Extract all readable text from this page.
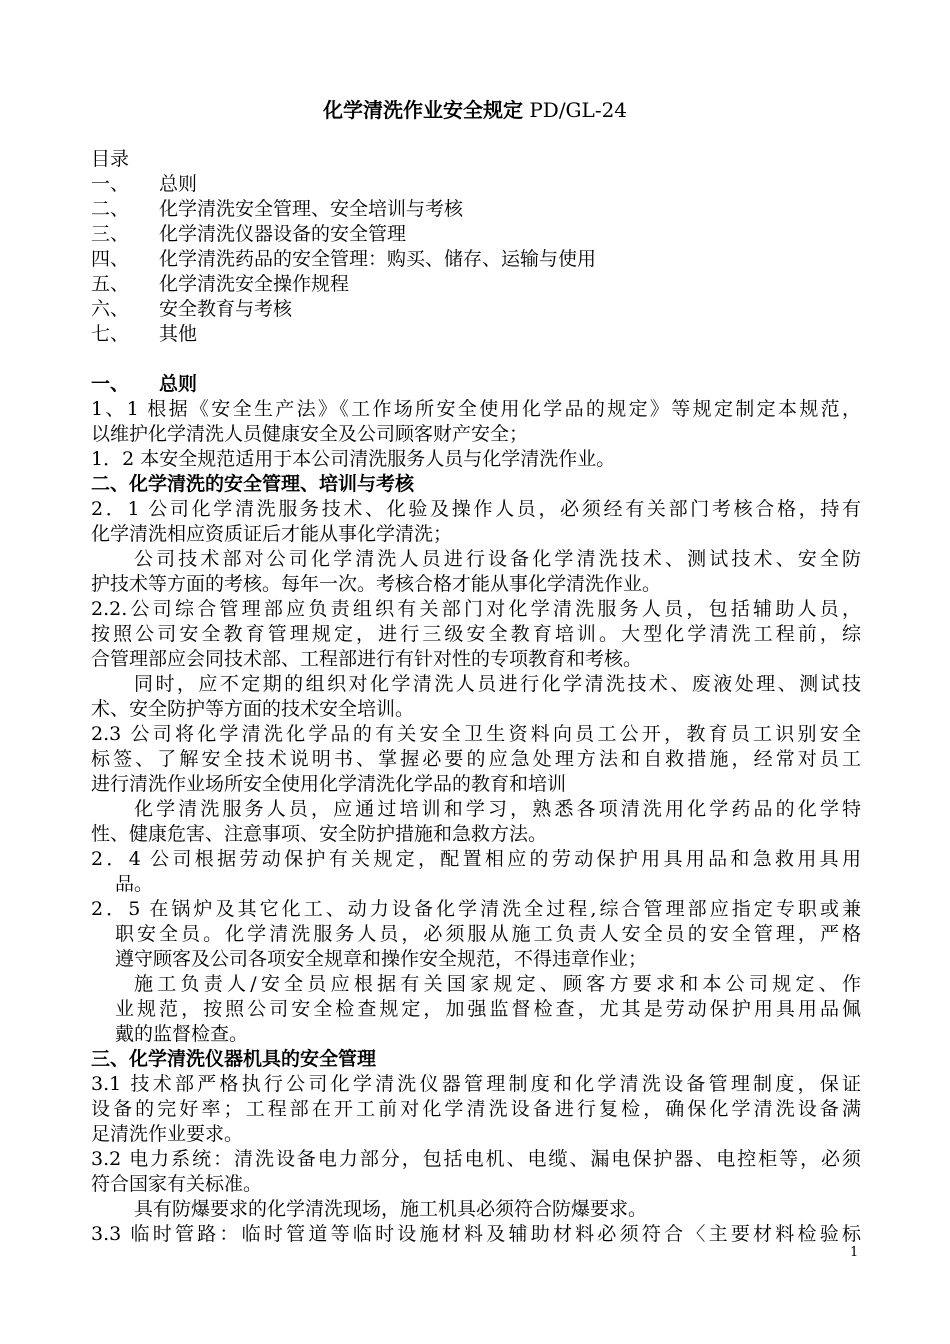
化学清洗作业安全规定 PD/GL-24
目录
一、	总则
二、	化学清洗安全管理、安全培训与考核
三、	化学清洗仪器设备的安全管理
四、	化学清洗药品的安全管理：购买、储存、运输与使用
五、	化学清洗安全操作规程
六、	安全教育与考核
七、	其他
一、	总则
1、1 根据《安全生产法》《工作场所安全使用化学品的规定》等规定制定本规范，
以维护化学清洗人员健康安全及公司顾客财产安全；
1．2 本安全规范适用于本公司清洗服务人员与化学清洗作业。
二、化学清洗的安全管理、培训与考核
2．1 公司化学清洗服务技术、化验及操作人员，必须经有关部门考核合格，持有
化学清洗相应资质证后才能从事化学清洗；
公司技术部对公司化学清洗人员进行设备化学清洗技术、测试技术、安全防
护技术等方面的考核。每年一次。考核合格才能从事化学清洗作业。
2.2.公司综合管理部应负责组织有关部门对化学清洗服务人员，包括辅助人员，
按照公司安全教育管理规定，进行三级安全教育培训。大型化学清洗工程前，综
合管理部应会同技术部、工程部进行有针对性的专项教育和考核。
同时，应不定期的组织对化学清洗人员进行化学清洗技术、废液处理、测试技
术、安全防护等方面的技术安全培训。
2.3 公司将化学清洗化学品的有关安全卫生资料向员工公开，教育员工识别安全
标签、了解安全技术说明书、掌握必要的应急处理方法和自救措施，经常对员工
进行清洗作业场所安全使用化学清洗化学品的教育和培训
化学清洗服务人员，应通过培训和学习，熟悉各项清洗用化学药品的化学特
性、健康危害、注意事项、安全防护措施和急救方法。
2．4 公司根据劳动保护有关规定，配置相应的劳动保护用具用品和急救用具用
品。
2．5 在锅炉及其它化工、动力设备化学清洗全过程,综合管理部应指定专职或兼
职安全员。化学清洗服务人员，必须服从施工负责人安全员的安全管理，严格
遵守顾客及公司各项安全规章和操作安全规范，不得违章作业；
施工负责人/安全员应根据有关国家规定、顾客方要求和本公司规定、作
业规范，按照公司安全检查规定，加强监督检查，尤其是劳动保护用具用品佩
戴的监督检查。
三、化学清洗仪器机具的安全管理
3.1 技术部严格执行公司化学清洗仪器管理制度和化学清洗设备管理制度，保证
设备的完好率；工程部在开工前对化学清洗设备进行复检，确保化学清洗设备满
足清洗作业要求。
3.2 电力系统：清洗设备电力部分，包括电机、电缆、漏电保护器、电控柜等，必须
符合国家有关标准。
具有防爆要求的化学清洗现场，施工机具必须符合防爆要求。
3.3 临时管路：临时管道等临时设施材料及辅助材料必须符合〈主要材料检验标
1
